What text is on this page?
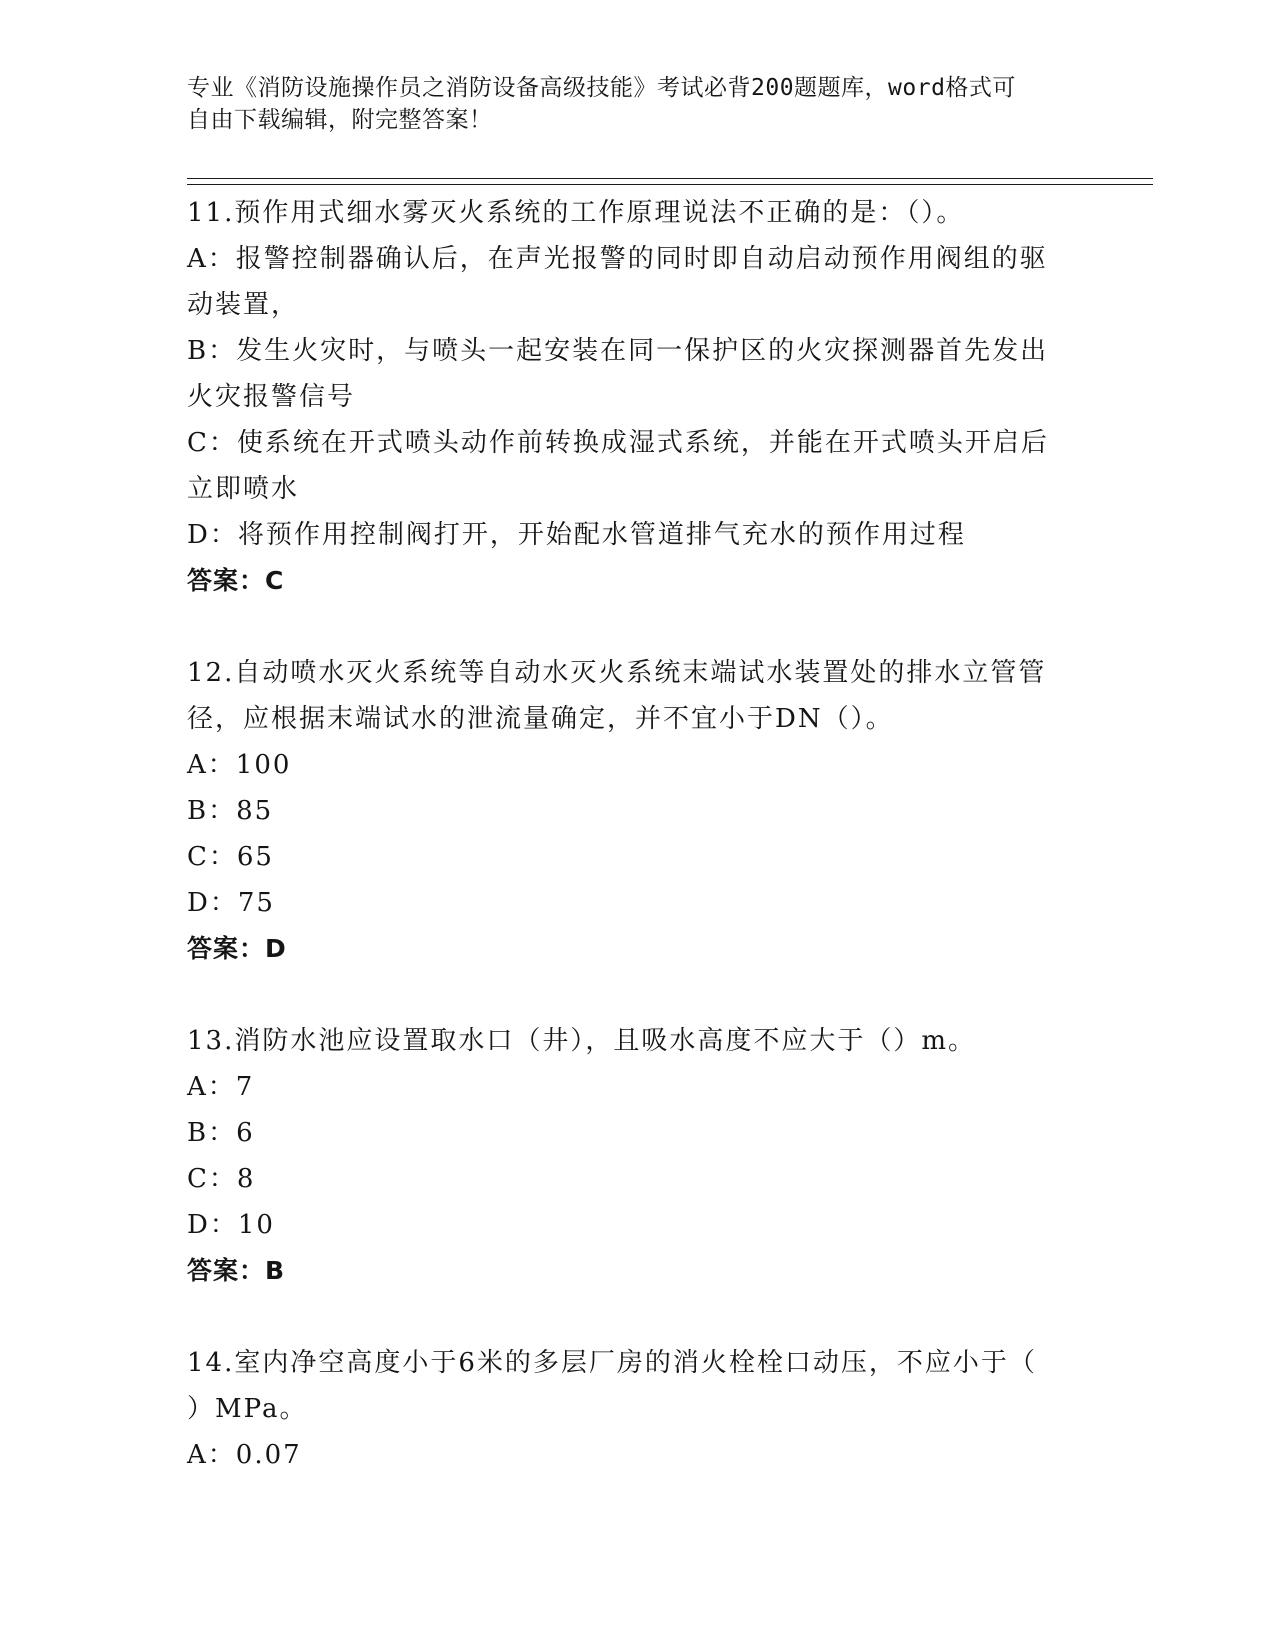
专业《消防设施操作员之消防设备高级技能》考试必背200题题库，word格式可
自由下载编辑，附完整答案！
11.预作用式细水雾灭火系统的工作原理说法不正确的是：（）。
A：报警控制器确认后，在声光报警的同时即自动启动预作用阀组的驱
动装置，
B：发生火灾时，与喷头一起安装在同一保护区的火灾探测器首先发出
火灾报警信号
C：使系统在开式喷头动作前转换成湿式系统，并能在开式喷头开启后
立即喷水
D：将预作用控制阀打开，开始配水管道排气充水的预作用过程
答案：C
12.自动喷水灭火系统等自动水灭火系统末端试水装置处的排水立管管
径，应根据末端试水的泄流量确定，并不宜小于DN（）。
A：100
B：85
C：65
D：75
答案：D
13.消防水池应设置取水口（井），且吸水高度不应大于（）m。
A：7
B：6
C：8
D：10
答案：B
14.室内净空高度小于6米的多层厂房的消火栓栓口动压，不应小于（
）MPa。
A：0.07
